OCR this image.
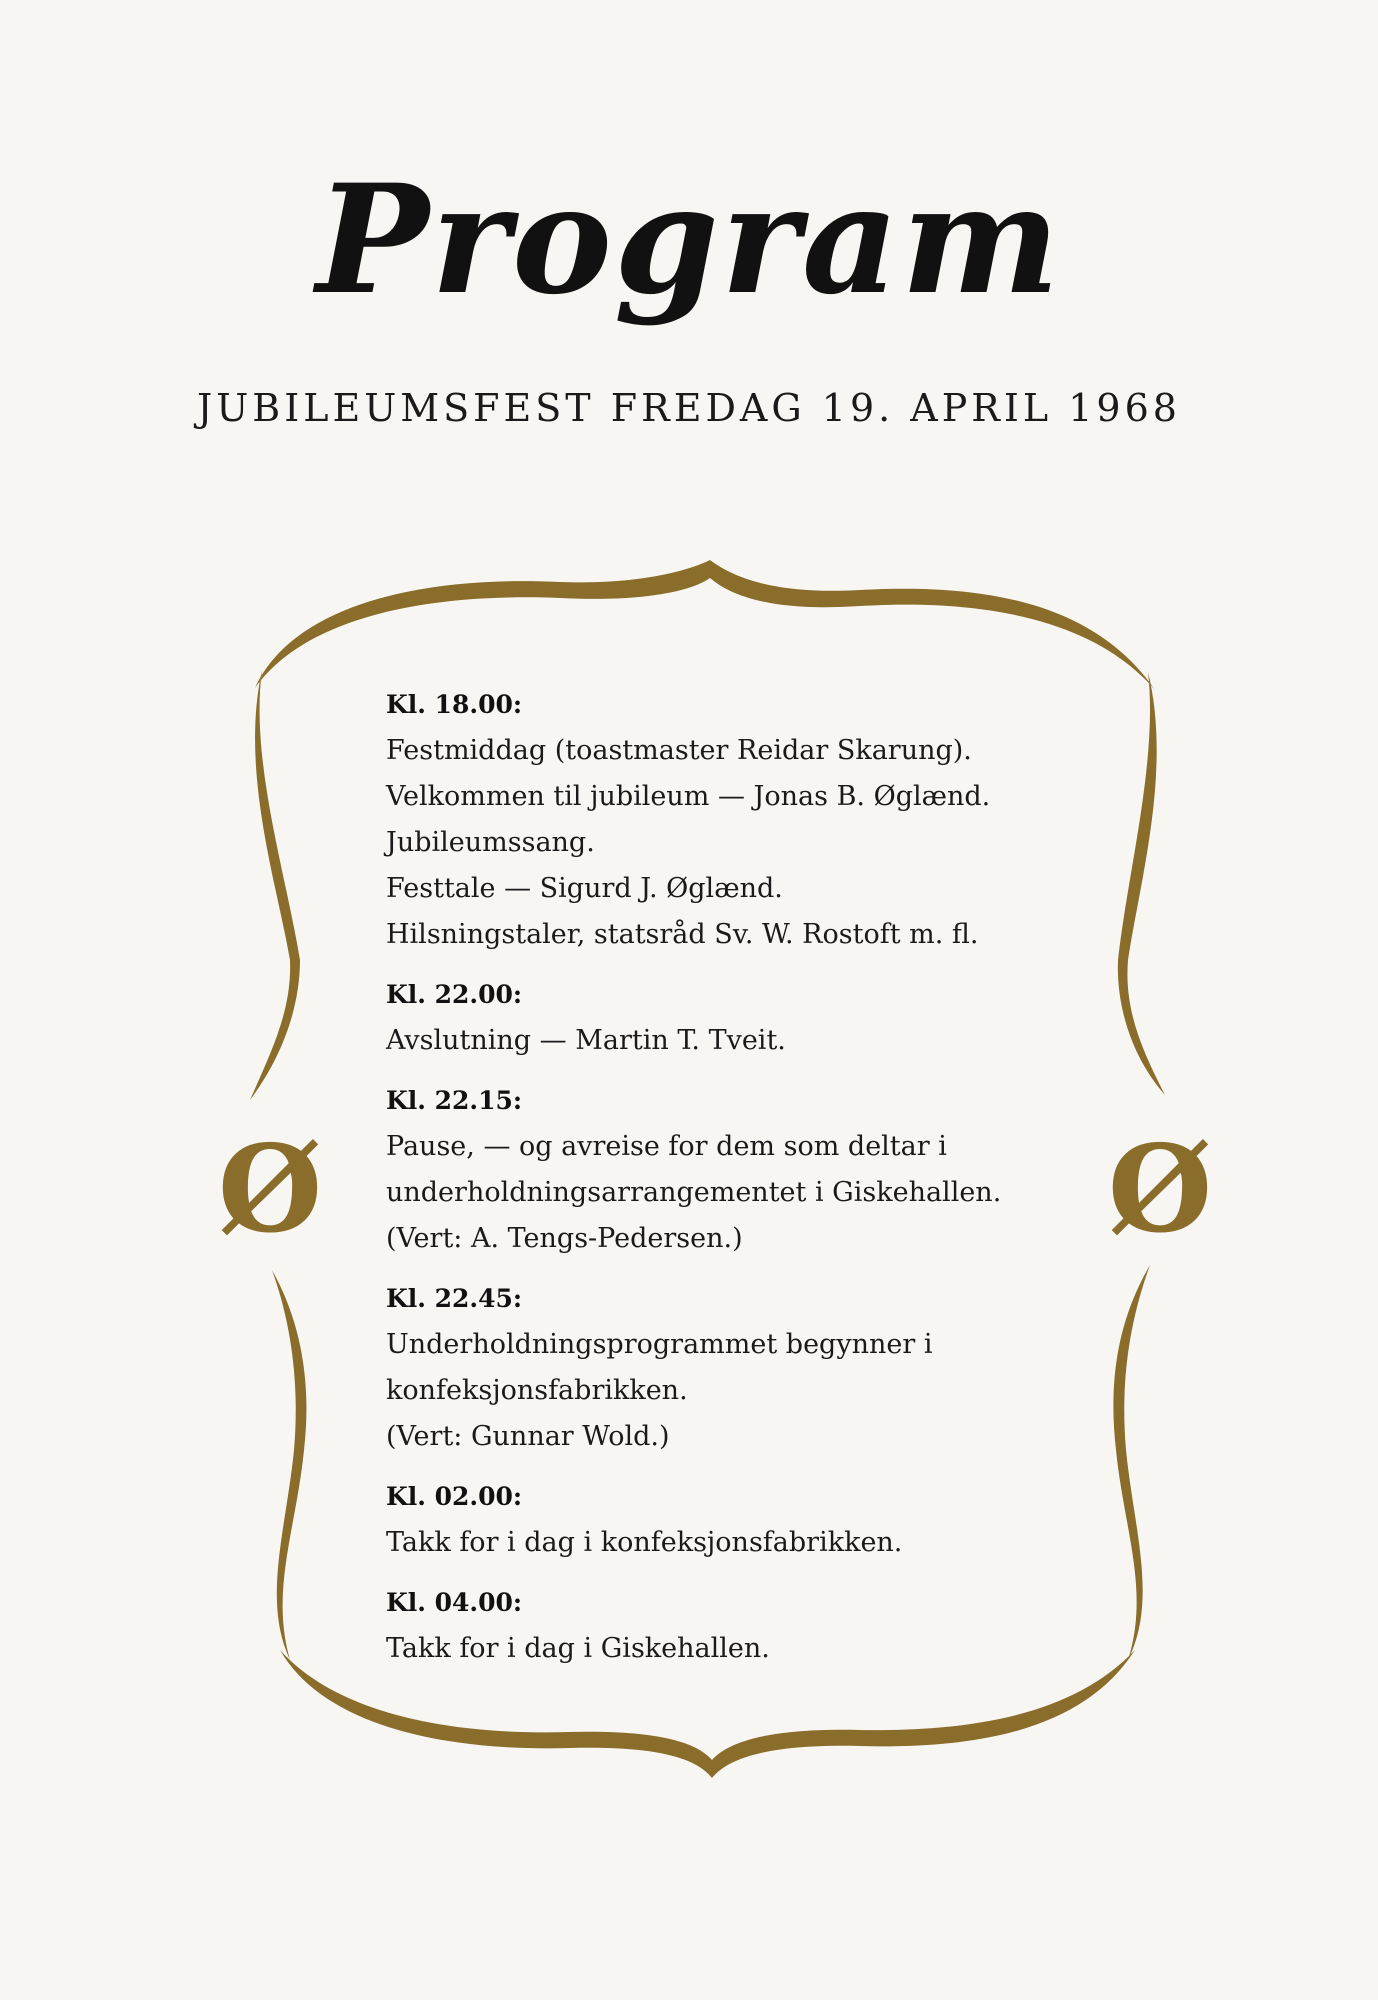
Program
JUBILEUMSFEST FREDAG 19. APRIL 1968
Ø	Ø
Kl. 18.00:
Festmiddag (toastmaster Reidar Skarung).
Velkommen til jubileum — Jonas B. Øglænd.
Jubileumssang.
Festtale — Sigurd J. Øglænd.
Hilsningstaler, statsråd Sv. W. Rostoft m. fl.
Kl. 22.00:
Avslutning — Martin T. Tveit.
Kl. 22.15:
Pause, — og avreise for dem som deltar i
underholdningsarrangementet i Giskehallen.
(Vert: A. Tengs-Pedersen.)
Kl. 22.45:
Underholdningsprogrammet begynner i
konfeksjonsfabrikken.
(Vert: Gunnar Wold.)
Kl. 02.00:
Takk for i dag i konfeksjonsfabrikken.
Kl. 04.00:
Takk for i dag i Giskehallen.
